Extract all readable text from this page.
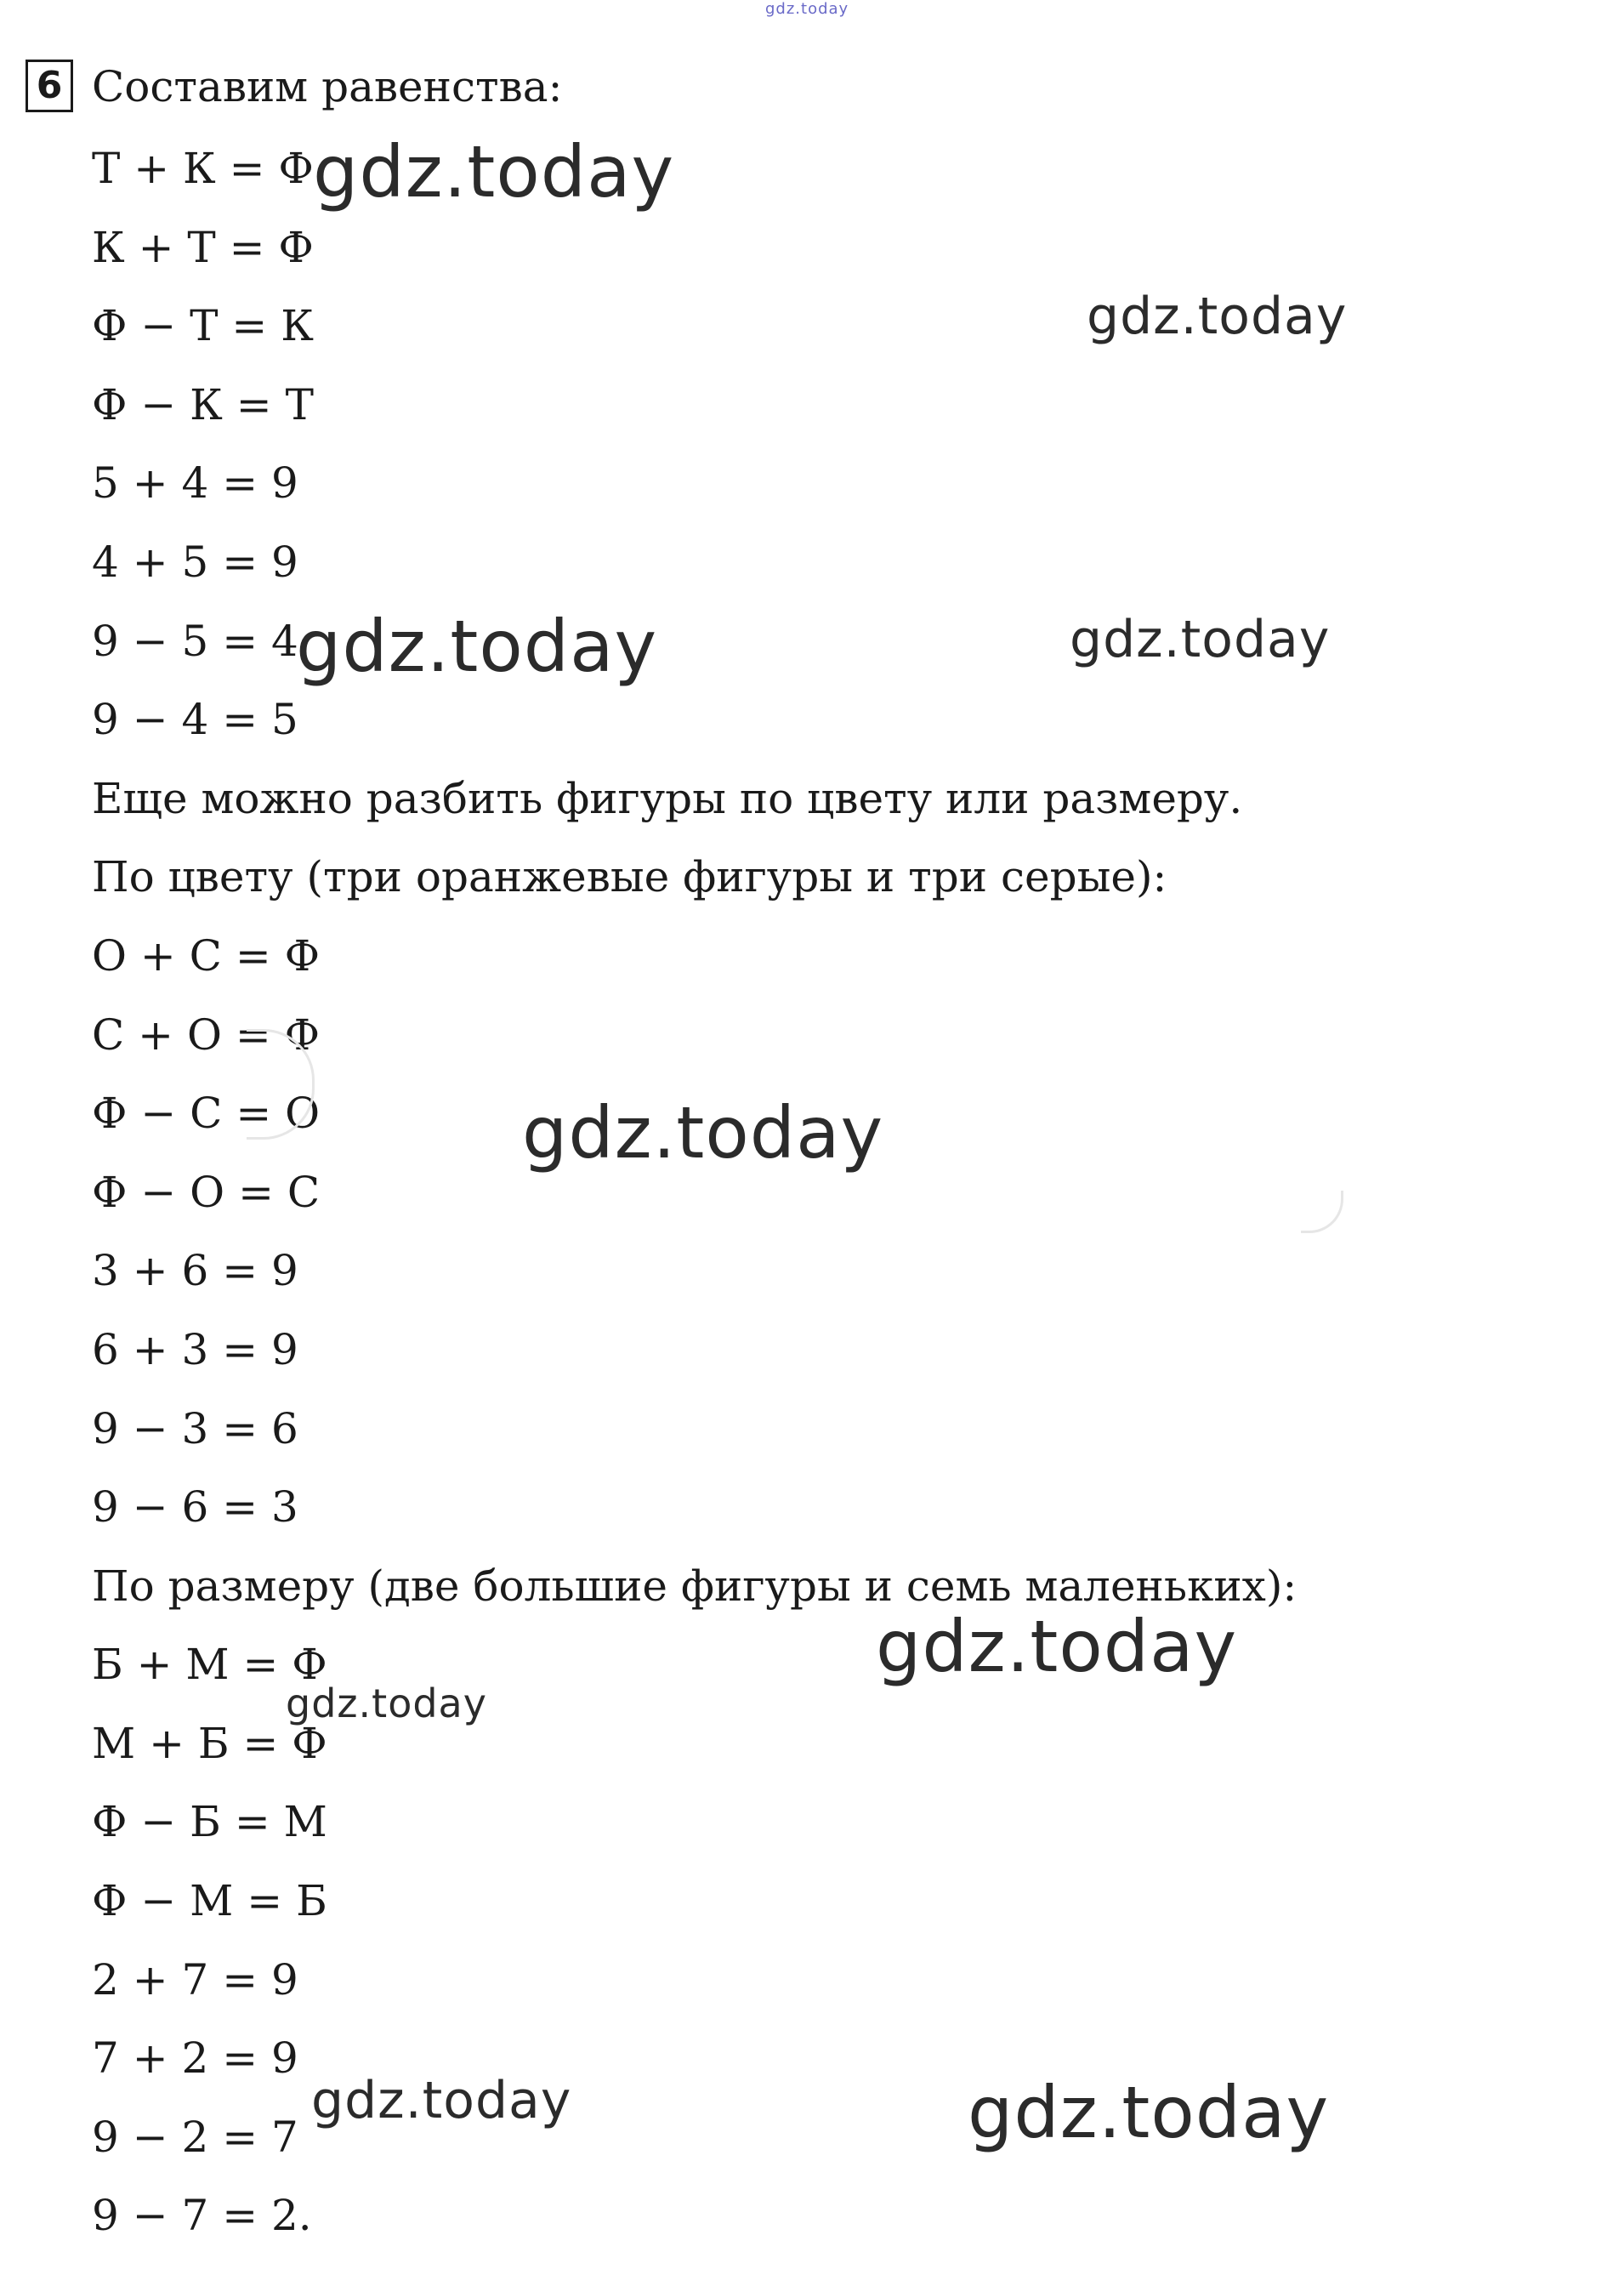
gdz.today
6 Составим равенства:
Т + К = Ф
К + Т = Ф
Ф − Т = К
Ф − К = Т
5 + 4 = 9
4 + 5 = 9
9 − 5 = 4
9 − 4 = 5
Еще можно разбить фигуры по цвету или размеру.
По цвету (три оранжевые фигуры и три серые):
О + С = Ф
С + О = Ф
Ф − С = О
Ф − О = С
3 + 6 = 9
6 + 3 = 9
9 − 3 = 6
9 − 6 = 3
По размеру (две большие фигуры и семь маленьких):
Б + М = Ф
М + Б = Ф
Ф − Б = М
Ф − М = Б
2 + 7 = 9
7 + 2 = 9
9 − 2 = 7
9 − 7 = 2.
gdz.today
gdz.today
gdz.today	gdz.today
gdz.today
gdz.today
gdz.today
gdz.today	gdz.today
